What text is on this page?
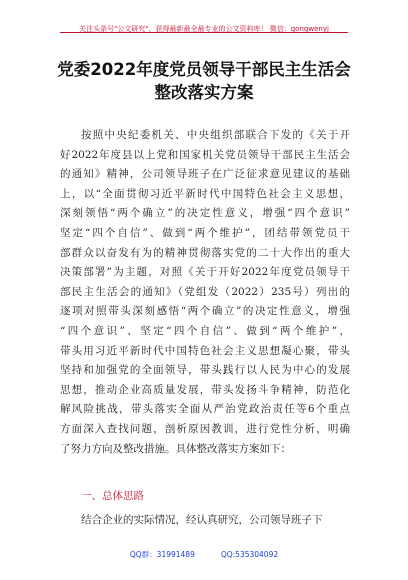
关注头条号"公文研究"，获得最新最全最专业的公文资料库！ 微信：gongwenyj
党委2022年度党员领导干部民主生活会
整改落实方案
按照中央纪委机关、中央组织部联合下发的《关于开
好2022年度县以上党和国家机关党员领导干部民主生活会
的通知》精神，公司领导班子在广泛征求意见建议的基础
上，以“全面贯彻习近平新时代中国特色社会主义思想，
深刻领悟“两个确立”的决定性意义，增强“四个意识”
坚定“四个自信”、做到“两个维护”，团结带领党员干
部群众以奋发有为的精神贯彻落实党的二十大作出的重大
决策部署”为主题，对照《关于开好2022年度党员领导干
部民主生活会的通知》（党组发（2022）235号）列出的
逐项对照带头深刻感悟“两个确立”的决定性意义，增强
“四个意识”、坚定“四个自信”、做到“两个维护”，
带头用习近平新时代中国特色社会主义思想凝心聚，带头
坚持和加强党的全面领导，带头践行以人民为中心的发展
思想，推动企业高质量发展，带头发扬斗争精神，防范化
解风险挑战，带头落实全面从严治党政治责任等6个重点
方面深入查找问题，剖析原因教训，进行党性分析，明确
了努力方向及整改措施。具体整改落实方案如下：
一、总体思路
结合企业的实际情况，经认真研究，公司领导班子下
QQ群：31991489	QQ:535304092
